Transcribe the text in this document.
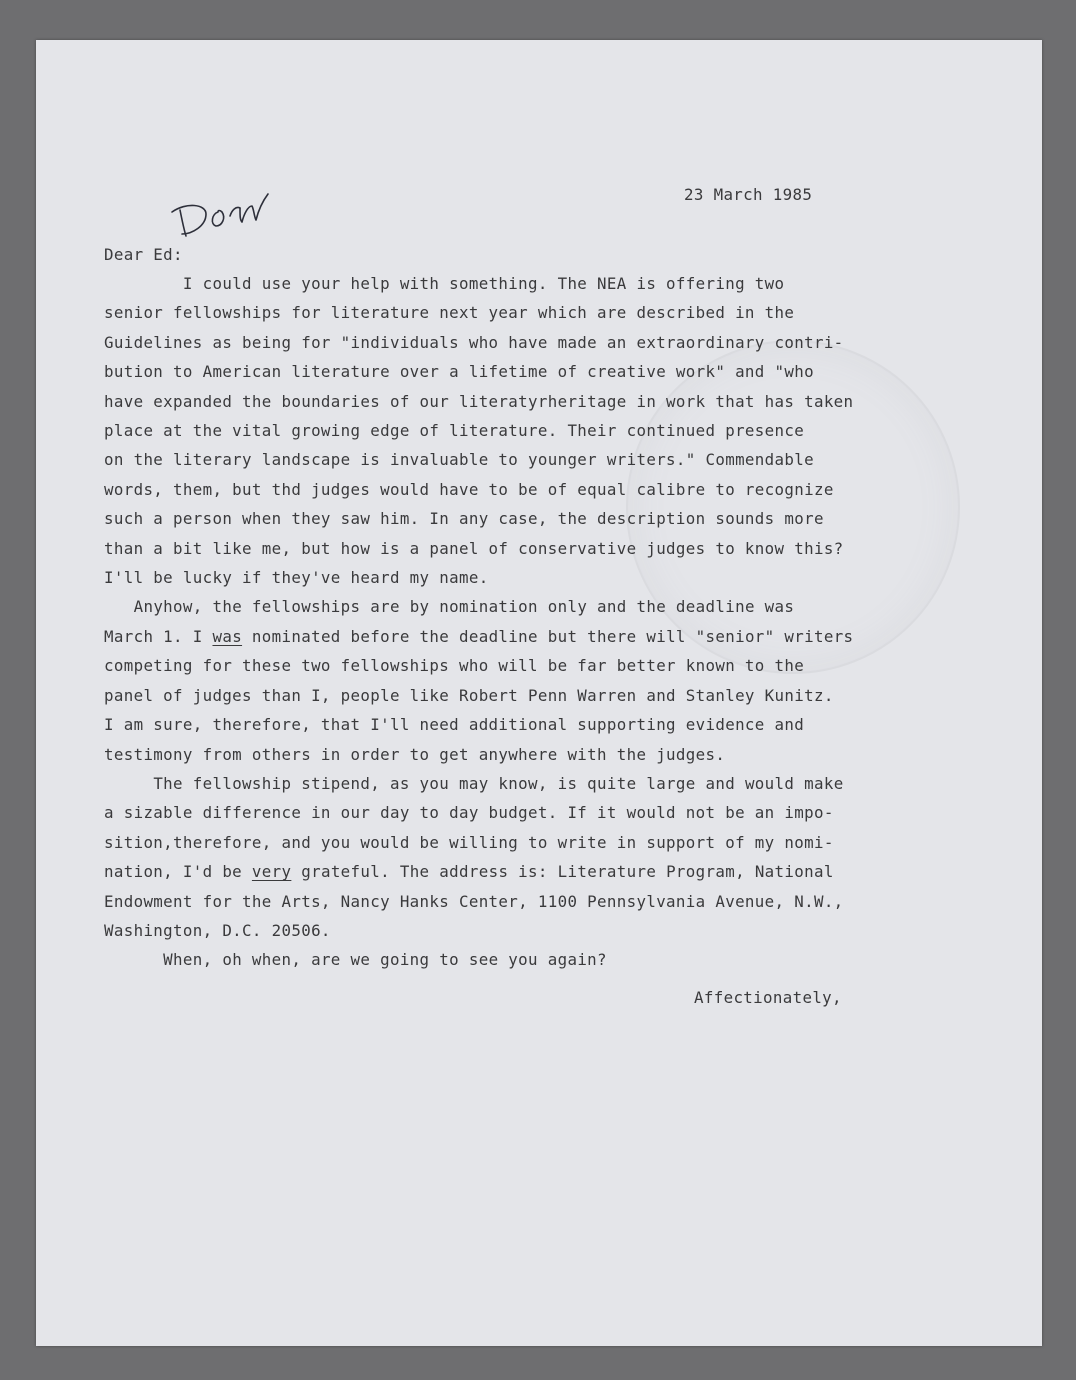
23 March 1985
Dear Ed:
I could use your help with something. The NEA is offering two
senior fellowships for literature next year which are described in the
Guidelines as being for "individuals who have made an extraordinary contri-
bution to American literature over a lifetime of creative work" and "who
have expanded the boundaries of our literatyrheritage in work that has taken
place at the vital growing edge of literature. Their continued presence
on the literary landscape is invaluable to younger writers." Commendable
words, them, but thd judges would have to be of equal calibre to recognize
such a person when they saw him. In any case, the description sounds more
than a bit like me, but how is a panel of conservative judges to know this?
I'll be lucky if they've heard my name.
Anyhow, the fellowships are by nomination only and the deadline was
March 1. I was nominated before the deadline but there will "senior" writers
competing for these two fellowships who will be far better known to the
panel of judges than I, people like Robert Penn Warren and Stanley Kunitz.
I am sure, therefore, that I'll need additional supporting evidence and
testimony from others in order to get anywhere with the judges.
The fellowship stipend, as you may know, is quite large and would make
a sizable difference in our day to day budget. If it would not be an impo-
sition,therefore, and you would be willing to write in support of my nomi-
nation, I'd be very grateful. The address is: Literature Program, National
Endowment for the Arts, Nancy Hanks Center, 1100 Pennsylvania Avenue, N.W.,
Washington, D.C. 20506.
When, oh when, are we going to see you again?
Affectionately,
